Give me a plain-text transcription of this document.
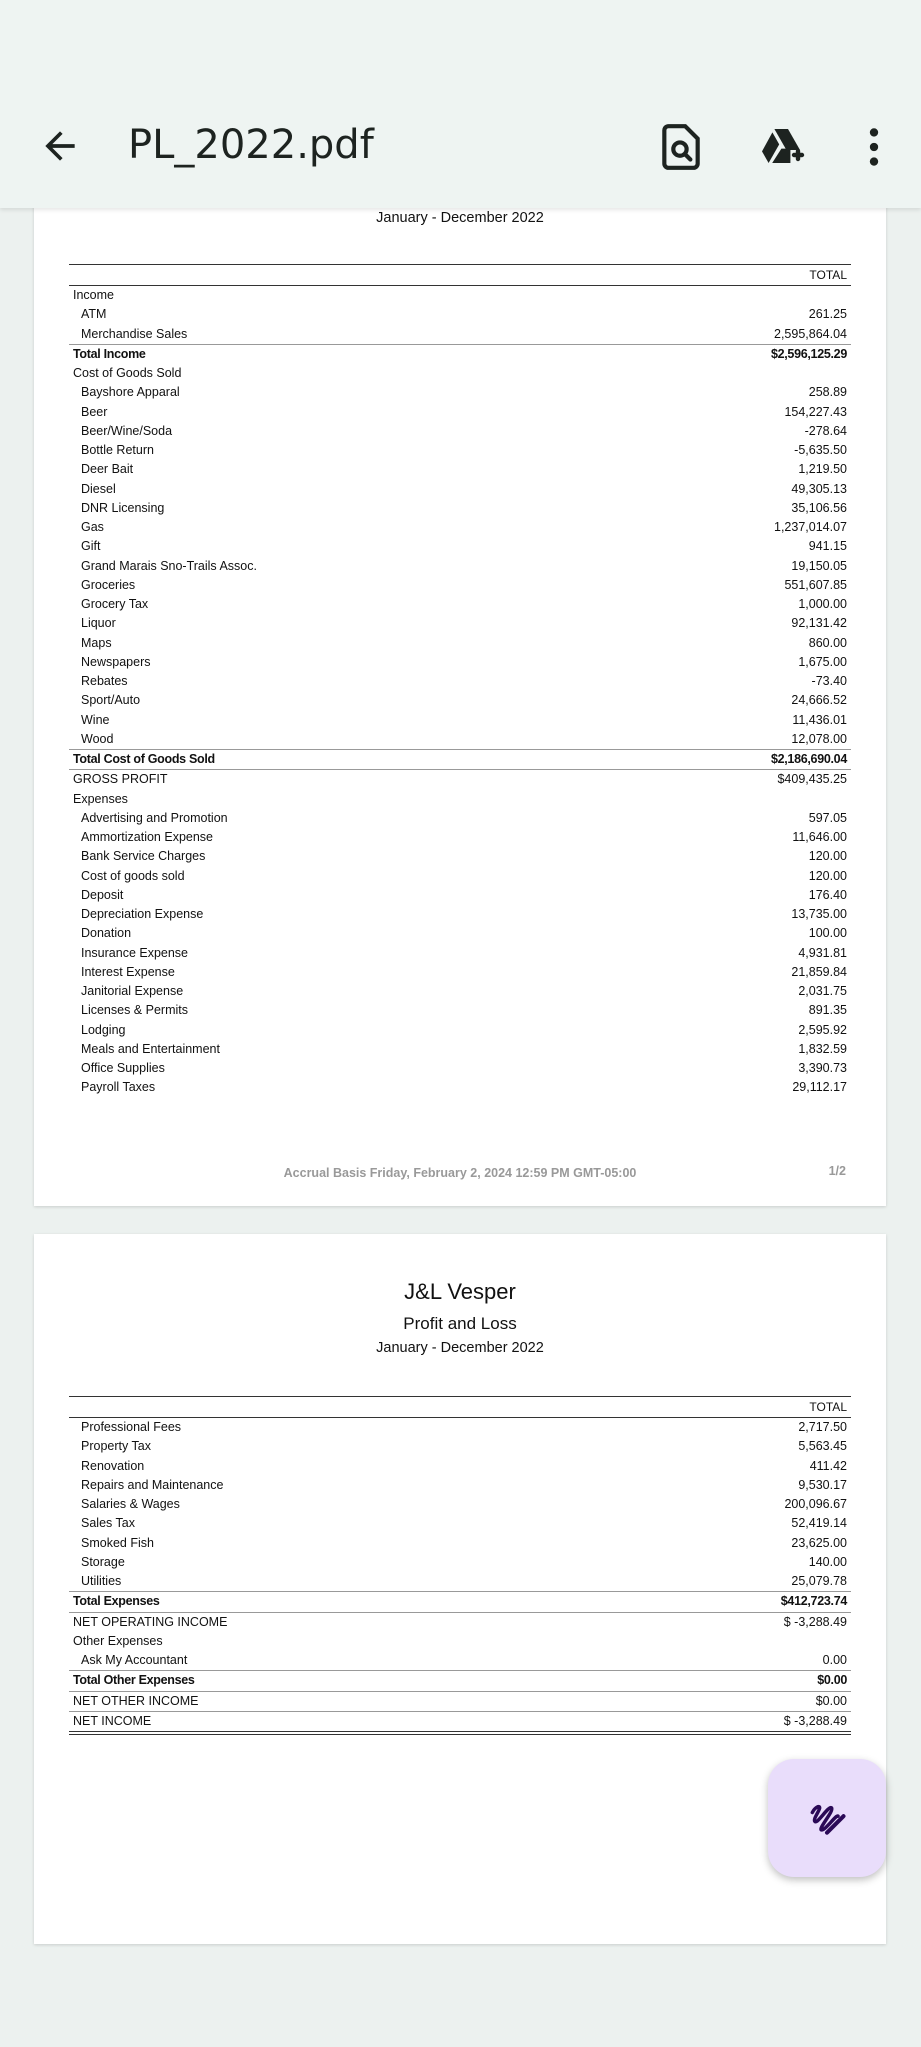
PL_2022.pdf
January - December 2022
TOTAL
Income
ATM	261.25
Merchandise Sales	2,595,864.04
Total Income	$2,596,125.29
Cost of Goods Sold
Bayshore Apparal	258.89
Beer	154,227.43
Beer/Wine/Soda	-278.64
Bottle Return	-5,635.50
Deer Bait	1,219.50
Diesel	49,305.13
DNR Licensing	35,106.56
Gas	1,237,014.07
Gift	941.15
Grand Marais Sno-Trails Assoc.	19,150.05
Groceries	551,607.85
Grocery Tax	1,000.00
Liquor	92,131.42
Maps	860.00
Newspapers	1,675.00
Rebates	-73.40
Sport/Auto	24,666.52
Wine	11,436.01
Wood	12,078.00
Total Cost of Goods Sold	$2,186,690.04
GROSS PROFIT	$409,435.25
Expenses
Advertising and Promotion	597.05
Ammortization Expense	11,646.00
Bank Service Charges	120.00
Cost of goods sold	120.00
Deposit	176.40
Depreciation Expense	13,735.00
Donation	100.00
Insurance Expense	4,931.81
Interest Expense	21,859.84
Janitorial Expense	2,031.75
Licenses & Permits	891.35
Lodging	2,595.92
Meals and Entertainment	1,832.59
Office Supplies	3,390.73
Payroll Taxes	29,112.17
Accrual Basis Friday, February 2, 2024 12:59 PM GMT-05:00	1/2
J&L Vesper
Profit and Loss
January - December 2022
TOTAL
Professional Fees	2,717.50
Property Tax	5,563.45
Renovation	411.42
Repairs and Maintenance	9,530.17
Salaries & Wages	200,096.67
Sales Tax	52,419.14
Smoked Fish	23,625.00
Storage	140.00
Utilities	25,079.78
Total Expenses	$412,723.74
NET OPERATING INCOME	$ -3,288.49
Other Expenses
Ask My Accountant	0.00
Total Other Expenses	$0.00
NET OTHER INCOME	$0.00
NET INCOME	$ -3,288.49
